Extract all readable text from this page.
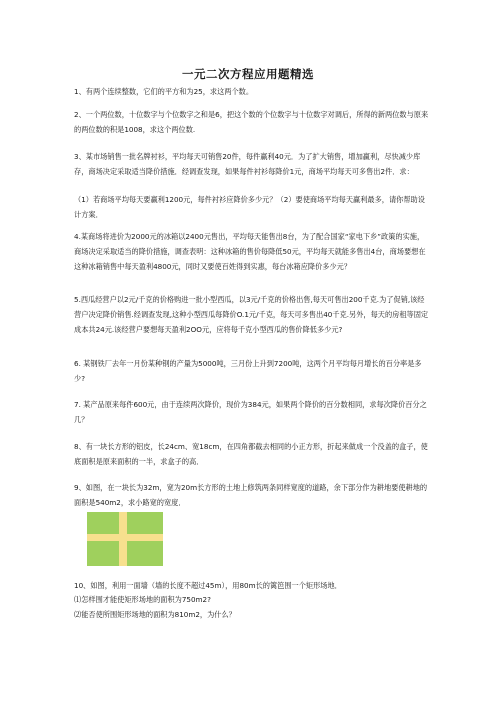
一元二次方程应用题精选

1、有两个连续整数，它们的平方和为25，求这两个数。

2、一个两位数，十位数字与个位数字之和是6，把这个数的个位数字与十位数字对调后，所得的新两位数与原来的两位数的积是1008，求这个两位数.

3、某市场销售一批名牌衬衫，平均每天可销售20件，每件赢利40元．为了扩大销售，增加赢利，尽快减少库存，商场决定采取适当降价措施．经调查发现，如果每件衬衫每降价1元，商场平均每天可多售出2件．求：

（1）若商场平均每天要赢利1200元，每件衬衫应降价多少元？（2）要使商场平均每天赢利最多，请你帮助设计方案．

4.某商场将进价为2000元的冰箱以2400元售出，平均每天能售出8台，为了配合国家“家电下乡”政策的实施，商场决定采取适当的降价措施，调查表明：这种冰箱的售价每降低50元，平均每天就能多售出4台，商场要想在这种冰箱销售中每天盈利4800元，同时又要使百姓得到实惠，每台冰箱应降价多少元？

5.西瓜经营户以2元/千克的价格购进一批小型西瓜，以3元/千克的价格出售,每天可售出200千克.为了促销,该经营户决定降价销售.经调查发现,这种小型西瓜每降价O.1元/千克，每天可多售出40千克.另外，每天的房租等固定成本共24元.该经营户要想每天盈利2OO元，应将每千克小型西瓜的售价降低多少元?

6. 某钢铁厂去年一月份某种钢的产量为5000吨，三月份上升到7200吨，这两个月平均每月增长的百分率是多少?

7. 某产品原来每件600元，由于连续两次降价，现价为384元，如果两个降价的百分数相同，求每次降价百分之几？

8、有一块长方形的铝皮，长24cm、宽18cm，在四角都截去相同的小正方形，折起来做成一个没盖的盒子，使底面积是原来面积的一半，求盒子的高．

9、如图，在一块长为32m，宽为20m长方形的土地上修筑两条同样宽度的道路，余下部分作为耕地要使耕地的面积是540m2，求小路宽的宽度．

10、如图，利用一面墙（墙的长度不超过45m），用80m长的篱笆围一个矩形场地．

⑴怎样围才能使矩形场地的面积为750m2?

⑵能否使所围矩形场地的面积为810m2，为什么？
